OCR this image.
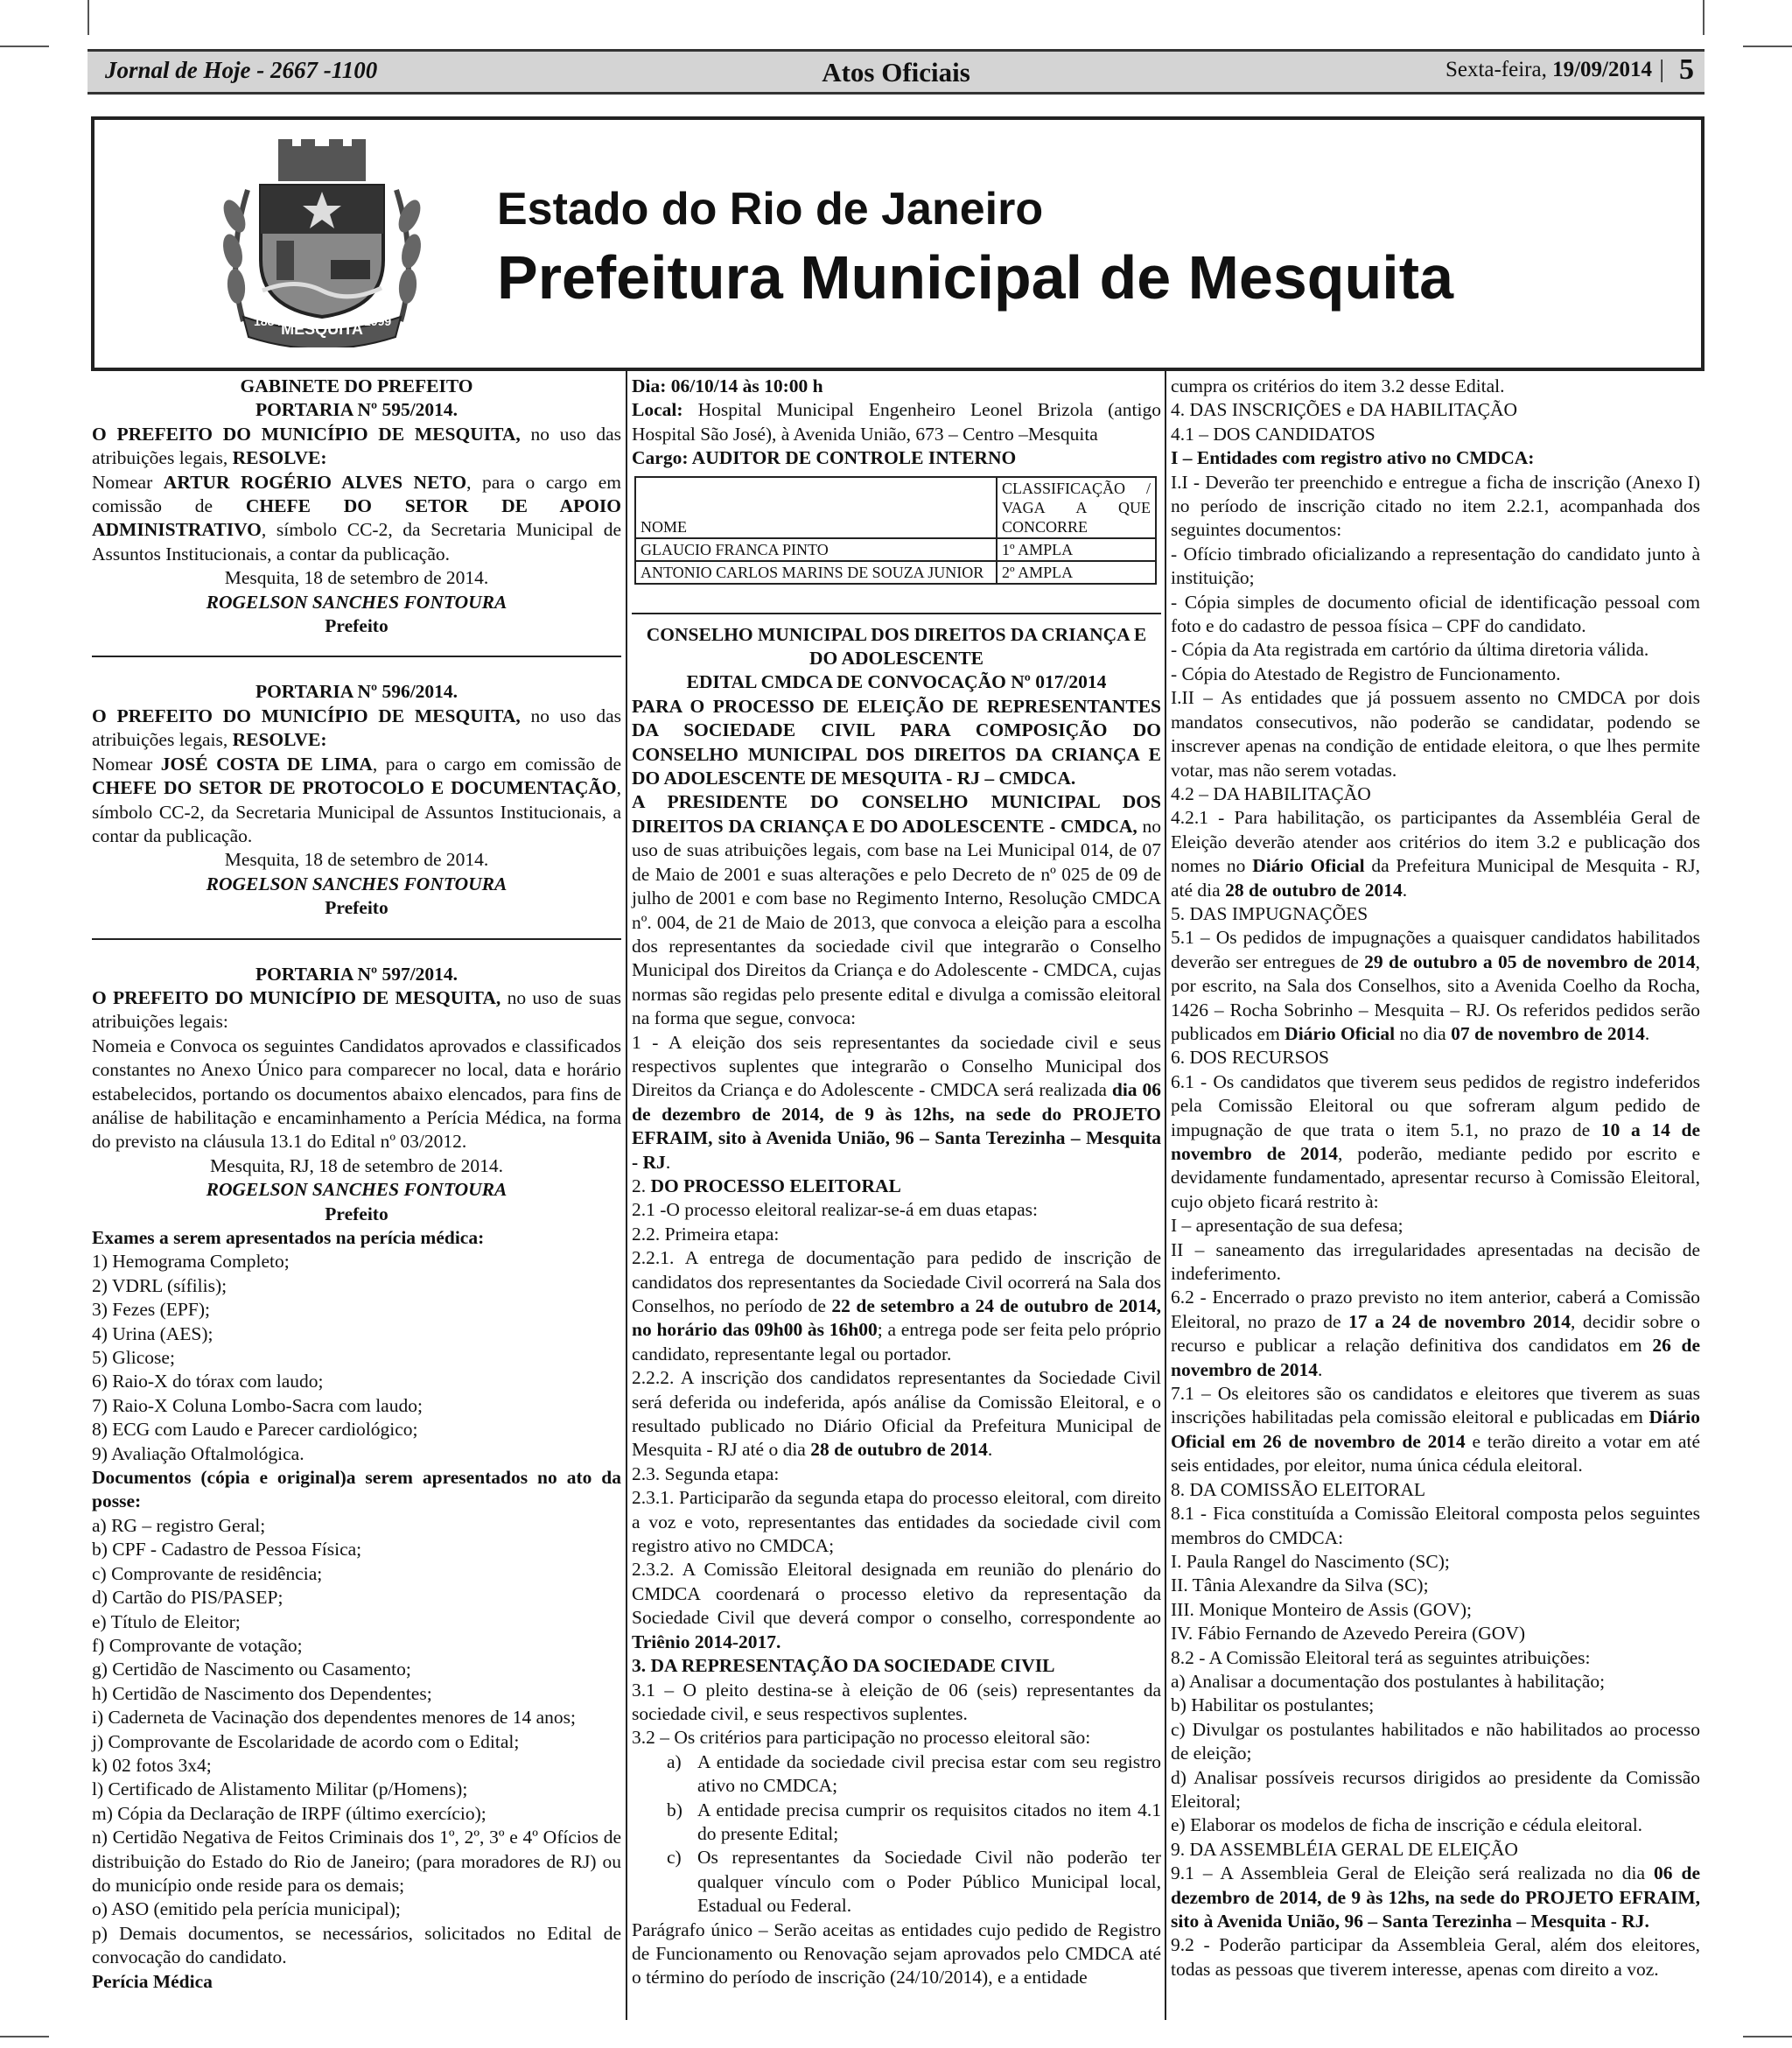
Jornal de Hoje - 2667 -1100	Atos Oficiais	Sexta-feira, 19/09/2014 | 5
MESQUITA
1884	1999
Estado do Rio de Janeiro
Prefeitura Municipal de Mesquita

GABINETE DO PREFEITO

PORTARIA Nº 595/2014.

O PREFEITO DO MUNICÍPIO DE MESQUITA, no uso das atribuições legais, RESOLVE:
Nomear ARTUR ROGÉRIO ALVES NETO, para o cargo em comissão de CHEFE DO SETOR DE APOIO ADMINISTRATIVO, símbolo CC-2, da Secretaria Municipal de Assuntos Institucionais, a contar da publicação.

Mesquita, 18 de setembro de 2014.

ROGELSON SANCHES FONTOURA

Prefeito

PORTARIA Nº 596/2014.

O PREFEITO DO MUNICÍPIO DE MESQUITA, no uso das atribuições legais, RESOLVE:
Nomear JOSÉ COSTA DE LIMA, para o cargo em comissão de CHEFE DO SETOR DE PROTOCOLO E DOCUMENTAÇÃO, símbolo CC-2, da Secretaria Municipal de Assuntos Institucionais, a contar da publicação.

Mesquita, 18 de setembro de 2014.

ROGELSON SANCHES FONTOURA

Prefeito

PORTARIA Nº 597/2014.

O PREFEITO DO MUNICÍPIO DE MESQUITA, no uso de suas atribuições legais:

Nomeia e Convoca os seguintes Candidatos aprovados e classificados constantes no Anexo Único para comparecer no local, data e horário estabelecidos, portando os documentos abaixo elencados, para fins de análise de habilitação e encaminhamento a Perícia Médica, na forma do previsto na cláusula 13.1 do Edital nº 03/2012.

Mesquita, RJ, 18 de setembro de 2014.

ROGELSON SANCHES FONTOURA

Prefeito

Exames a serem apresentados na perícia médica:

1) Hemograma Completo;

2) VDRL (sífilis);

3) Fezes (EPF);

4) Urina (AES);

5) Glicose;

6) Raio-X do tórax com laudo;

7) Raio-X Coluna Lombo-Sacra com laudo;

8) ECG com Laudo e Parecer cardiológico;

9) Avaliação Oftalmológica.

Documentos (cópia e original)a serem apresentados no ato da posse:

a) RG – registro Geral;

b) CPF - Cadastro de Pessoa Física;

c) Comprovante de residência;

d) Cartão do PIS/PASEP;

e) Título de Eleitor;

f) Comprovante de votação;

g) Certidão de Nascimento ou Casamento;

h) Certidão de Nascimento dos Dependentes;

i) Caderneta de Vacinação dos dependentes menores de 14 anos;

j) Comprovante de Escolaridade de acordo com o Edital;

k) 02 fotos 3x4;

l) Certificado de Alistamento Militar (p/Homens);

m) Cópia da Declaração de IRPF (último exercício);

n) Certidão Negativa de Feitos Criminais dos 1º, 2º, 3º e 4º Ofícios de distribuição do Estado do Rio de Janeiro; (para moradores de RJ) ou do município onde reside para os demais;

o) ASO (emitido pela perícia municipal);

p) Demais documentos, se necessários, solicitados no Edital de convocação do candidato.

Perícia Médica

Dia: 06/10/14 às 10:00 h

Local: Hospital Municipal Engenheiro Leonel Brizola (antigo Hospital São José), à Avenida União, 673 – Centro –Mesquita

Cargo: AUDITOR DE CONTROLE INTERNO

NOME	CLASSIFICAÇÃO / VAGA A QUE CONCORRE
GLAUCIO FRANCA PINTO	1º AMPLA
ANTONIO CARLOS MARINS DE SOUZA JUNIOR	2º AMPLA

CONSELHO MUNICIPAL DOS DIREITOS DA CRIANÇA E DO ADOLESCENTE

EDITAL CMDCA DE CONVOCAÇÃO Nº 017/2014

PARA O PROCESSO DE ELEIÇÃO DE REPRESENTANTES DA SOCIEDADE CIVIL PARA COMPOSIÇÃO DO CONSELHO MUNICIPAL DOS DIREITOS DA CRIANÇA E DO ADOLESCENTE DE MESQUITA - RJ – CMDCA.

A PRESIDENTE DO CONSELHO MUNICIPAL DOS DIREITOS DA CRIANÇA E DO ADOLESCENTE - CMDCA, no uso de suas atribuições legais, com base na Lei Municipal 014, de 07 de Maio de 2001 e suas alterações e pelo Decreto de nº 025 de 09 de julho de 2001 e com base no Regimento Interno, Resolução CMDCA nº. 004, de 21 de Maio de 2013, que convoca a eleição para a escolha dos representantes da sociedade civil que integrarão o Conselho Municipal dos Direitos da Criança e do Adolescente - CMDCA, cujas normas são regidas pelo presente edital e divulga a comissão eleitoral na forma que segue, convoca:

1 - A eleição dos seis representantes da sociedade civil e seus respectivos suplentes que integrarão o Conselho Municipal dos Direitos da Criança e do Adolescente - CMDCA será realizada dia 06 de dezembro de 2014, de 9 às 12hs, na sede do PROJETO EFRAIM, sito à Avenida União, 96 – Santa Terezinha – Mesquita - RJ.

2. DO PROCESSO ELEITORAL

2.1 -O processo eleitoral realizar-se-á em duas etapas:

2.2. Primeira etapa:

2.2.1. A entrega de documentação para pedido de inscrição de candidatos dos representantes da Sociedade Civil ocorrerá na Sala dos Conselhos, no período de 22 de setembro a 24 de outubro de 2014, no horário das 09h00 às 16h00; a entrega pode ser feita pelo próprio candidato, representante legal ou portador.

2.2.2. A inscrição dos candidatos representantes da Sociedade Civil será deferida ou indeferida, após análise da Comissão Eleitoral, e o resultado publicado no Diário Oficial da Prefeitura Municipal de Mesquita - RJ até o dia 28 de outubro de 2014.

2.3. Segunda etapa:

2.3.1. Participarão da segunda etapa do processo eleitoral, com direito a voz e voto, representantes das entidades da sociedade civil com registro ativo no CMDCA;

2.3.2. A Comissão Eleitoral designada em reunião do plenário do CMDCA coordenará o processo eletivo da representação da Sociedade Civil que deverá compor o conselho, correspondente ao Triênio 2014-2017.

3. DA REPRESENTAÇÃO DA SOCIEDADE CIVIL

3.1 – O pleito destina-se à eleição de 06 (seis) representantes da sociedade civil, e seus respectivos suplentes.

3.2 – Os critérios para participação no processo eleitoral são:

a) A entidade da sociedade civil precisa estar com seu registro ativo no CMDCA;
b) A entidade precisa cumprir os requisitos citados no item 4.1 do presente Edital;
c) Os representantes da Sociedade Civil não poderão ter qualquer vínculo com o Poder Público Municipal local, Estadual ou Federal.

Parágrafo único – Serão aceitas as entidades cujo pedido de Registro de Funcionamento ou Renovação sejam aprovados pelo CMDCA até o término do período de inscrição (24/10/2014), e a entidade

cumpra os critérios do item 3.2 desse Edital.

4. DAS INSCRIÇÕES e DA HABILITAÇÃO

4.1 – DOS CANDIDATOS

I – Entidades com registro ativo no CMDCA:

I.I - Deverão ter preenchido e entregue a ficha de inscrição (Anexo I) no período de inscrição citado no item 2.2.1, acompanhada dos seguintes documentos:

- Ofício timbrado oficializando a representação do candidato junto à instituição;

- Cópia simples de documento oficial de identificação pessoal com foto e do cadastro de pessoa física – CPF do candidato.

- Cópia da Ata registrada em cartório da última diretoria válida.

- Cópia do Atestado de Registro de Funcionamento.

I.II – As entidades que já possuem assento no CMDCA por dois mandatos consecutivos, não poderão se candidatar, podendo se inscrever apenas na condição de entidade eleitora, o que lhes permite votar, mas não serem votadas.

4.2 – DA HABILITAÇÃO

4.2.1 - Para habilitação, os participantes da Assembléia Geral de Eleição deverão atender aos critérios do item 3.2 e publicação dos nomes no Diário Oficial da Prefeitura Municipal de Mesquita - RJ, até dia 28 de outubro de 2014.

5. DAS IMPUGNAÇÕES

5.1 – Os pedidos de impugnações a quaisquer candidatos habilitados deverão ser entregues de 29 de outubro a 05 de novembro de 2014, por escrito, na Sala dos Conselhos, sito a Avenida Coelho da Rocha, 1426 – Rocha Sobrinho – Mesquita – RJ. Os referidos pedidos serão publicados em Diário Oficial no dia 07 de novembro de 2014.

6. DOS RECURSOS

6.1 - Os candidatos que tiverem seus pedidos de registro indeferidos pela Comissão Eleitoral ou que sofreram algum pedido de impugnação de que trata o item 5.1, no prazo de 10 a 14 de novembro de 2014, poderão, mediante pedido por escrito e devidamente fundamentado, apresentar recurso à Comissão Eleitoral, cujo objeto ficará restrito à:

I – apresentação de sua defesa;

II – saneamento das irregularidades apresentadas na decisão de indeferimento.

6.2 - Encerrado o prazo previsto no item anterior, caberá a Comissão Eleitoral, no prazo de 17 a 24 de novembro 2014, decidir sobre o recurso e publicar a relação definitiva dos candidatos em 26 de novembro de 2014.

7.1 – Os eleitores são os candidatos e eleitores que tiverem as suas inscrições habilitadas pela comissão eleitoral e publicadas em Diário Oficial em 26 de novembro de 2014 e terão direito a votar em até seis entidades, por eleitor, numa única cédula eleitoral.

8. DA COMISSÃO ELEITORAL

8.1 - Fica constituída a Comissão Eleitoral composta pelos seguintes membros do CMDCA:

I. Paula Rangel do Nascimento (SC);

II. Tânia Alexandre da Silva (SC);

III. Monique Monteiro de Assis (GOV);

IV. Fábio Fernando de Azevedo Pereira (GOV)

8.2 - A Comissão Eleitoral terá as seguintes atribuições:

a) Analisar a documentação dos postulantes à habilitação;

b) Habilitar os postulantes;

c) Divulgar os postulantes habilitados e não habilitados ao processo de eleição;

d) Analisar possíveis recursos dirigidos ao presidente da Comissão Eleitoral;

e) Elaborar os modelos de ficha de inscrição e cédula eleitoral.

9. DA ASSEMBLÉIA GERAL DE ELEIÇÃO

9.1 – A Assembleia Geral de Eleição será realizada no dia 06 de dezembro de 2014, de 9 às 12hs, na sede do PROJETO EFRAIM, sito à Avenida União, 96 – Santa Terezinha – Mesquita - RJ.

9.2 - Poderão participar da Assembleia Geral, além dos eleitores, todas as pessoas que tiverem interesse, apenas com direito a voz.
